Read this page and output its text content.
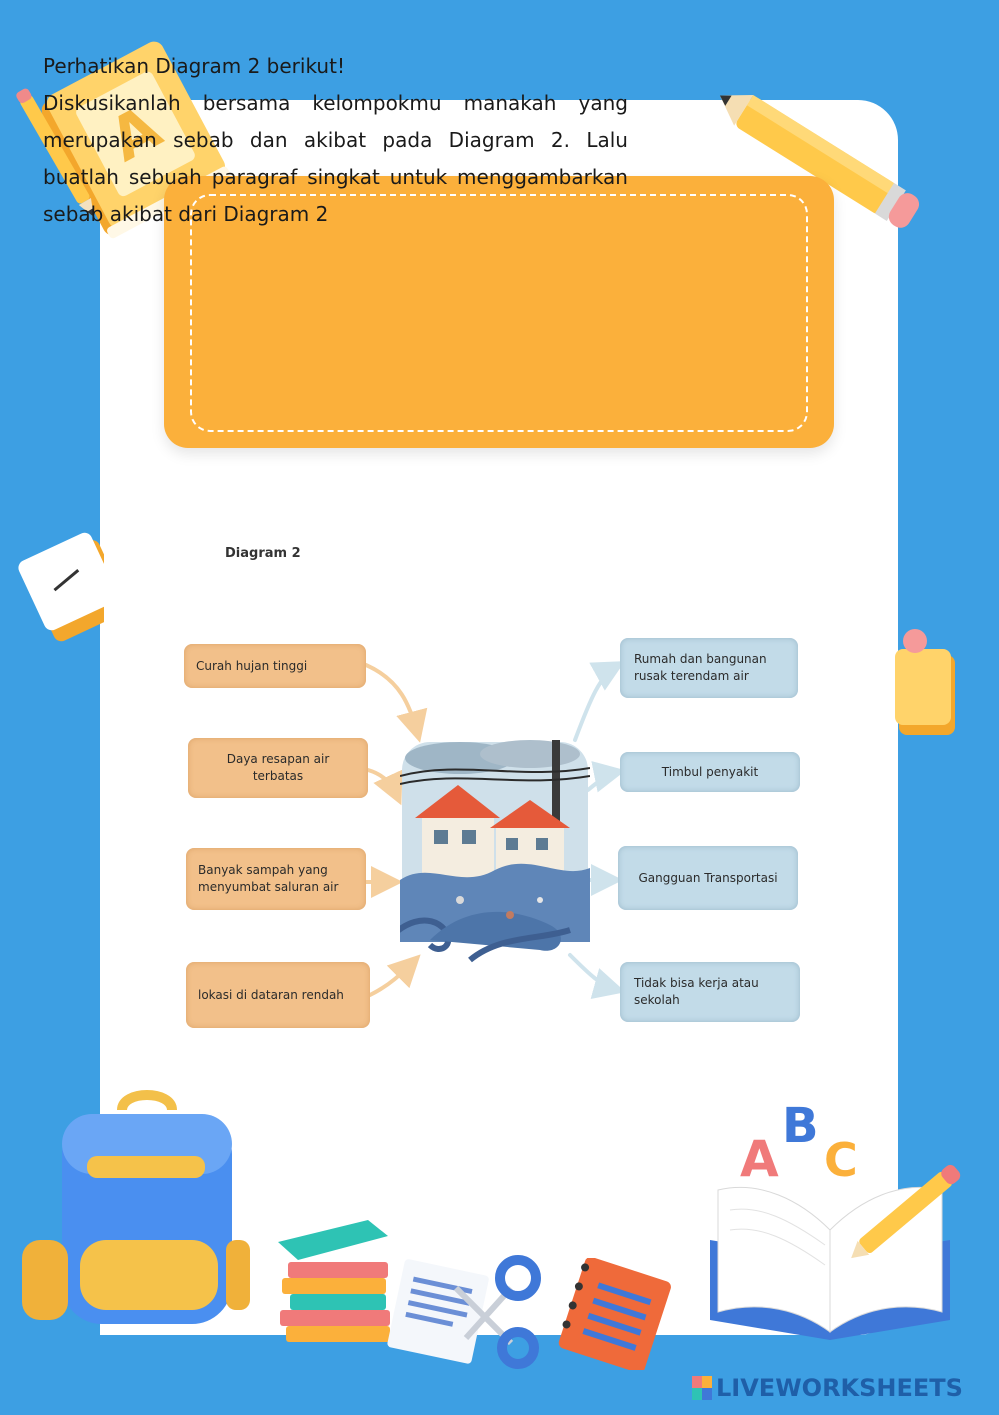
A
Perhatikan Diagram 2 berikut!
Diskusikanlah bersama kelompokmu manakah yang merupakan sebab dan akibat pada Diagram 2. Lalu buatlah sebuah paragraf singkat untuk menggambarkan sebab akibat dari Diagram 2
Diagram 2
Curah hujan tinggi
Daya resapan air terbatas
Banyak sampah yang menyumbat saluran air
lokasi di dataran rendah
Rumah dan bangunan rusak terendam air
Timbul penyakit
Gangguan Transportasi
Tidak bisa kerja atau sekolah
A
B
C
LIVEWORKSHEETS
